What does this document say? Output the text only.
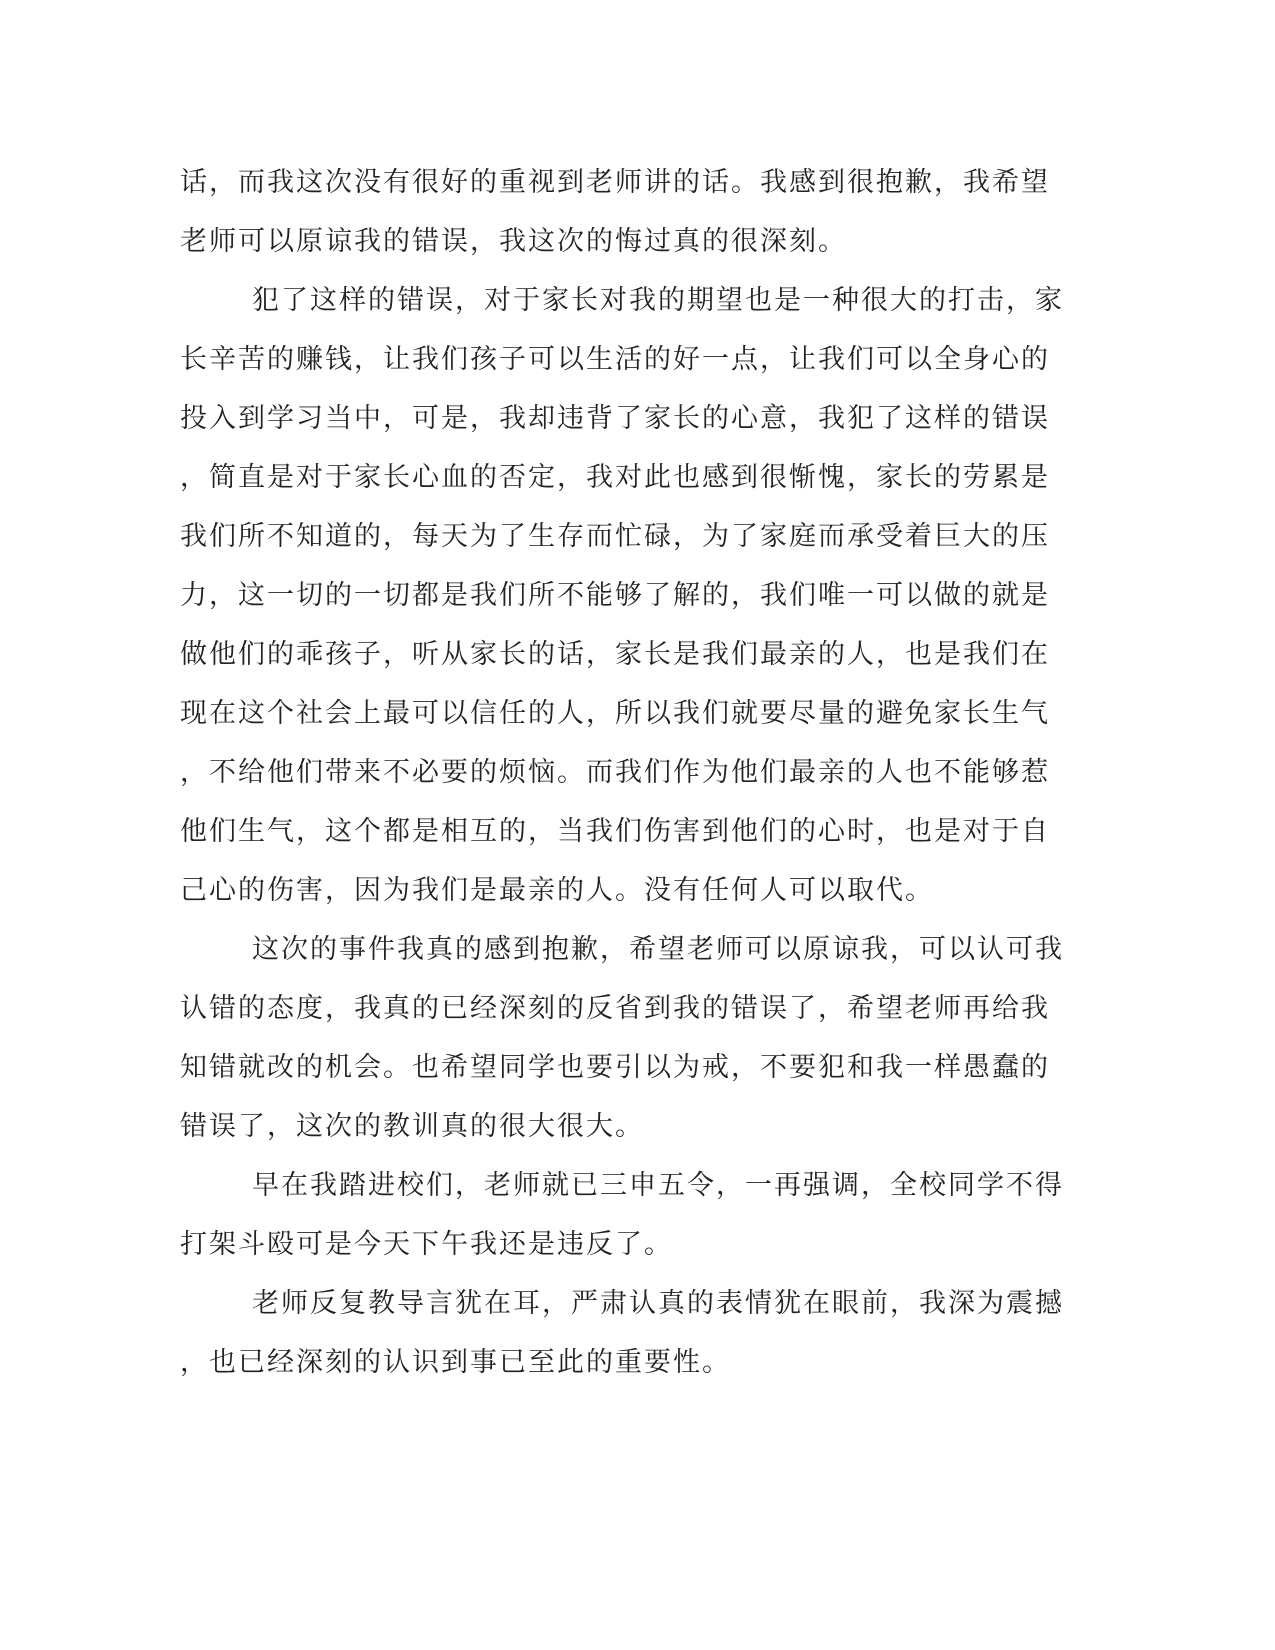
话，而我这次没有很好的重视到老师讲的话。我感到很抱歉，我希望
老师可以原谅我的错误，我这次的悔过真的很深刻。
犯了这样的错误，对于家长对我的期望也是一种很大的打击，家
长辛苦的赚钱，让我们孩子可以生活的好一点，让我们可以全身心的
投入到学习当中，可是，我却违背了家长的心意，我犯了这样的错误
，简直是对于家长心血的否定，我对此也感到很惭愧，家长的劳累是
我们所不知道的，每天为了生存而忙碌，为了家庭而承受着巨大的压
力，这一切的一切都是我们所不能够了解的，我们唯一可以做的就是
做他们的乖孩子，听从家长的话，家长是我们最亲的人，也是我们在
现在这个社会上最可以信任的人，所以我们就要尽量的避免家长生气
，不给他们带来不必要的烦恼。而我们作为他们最亲的人也不能够惹
他们生气，这个都是相互的，当我们伤害到他们的心时，也是对于自
己心的伤害，因为我们是最亲的人。没有任何人可以取代。
这次的事件我真的感到抱歉，希望老师可以原谅我，可以认可我
认错的态度，我真的已经深刻的反省到我的错误了，希望老师再给我
知错就改的机会。也希望同学也要引以为戒，不要犯和我一样愚蠢的
错误了，这次的教训真的很大很大。
早在我踏进校们，老师就已三申五令，一再强调，全校同学不得
打架斗殴可是今天下午我还是违反了。
老师反复教导言犹在耳，严肃认真的表情犹在眼前，我深为震撼
，也已经深刻的认识到事已至此的重要性。
